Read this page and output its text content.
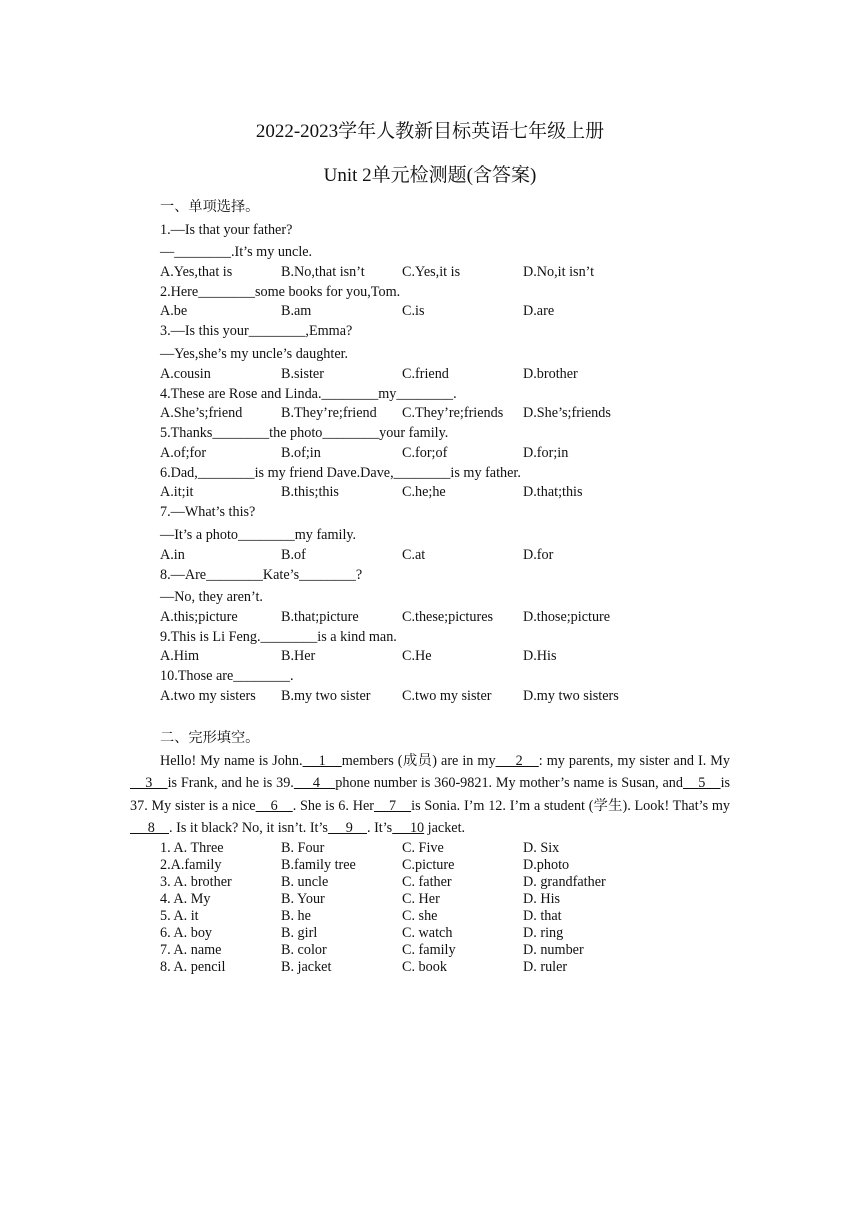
2022-2023学年人教新目标英语七年级上册
Unit 2单元检测题(含答案)
一、单项选择。
1.—Is that your father?
—________.It’s my uncle.
A.Yes,that is	B.No,that isn’t	C.Yes,it is	D.No,it isn’t
2.Here________some books for you,Tom.
A.be	B.am	C.is	D.are
3.—Is this your________,Emma?
—Yes,she’s my uncle’s daughter.
A.cousin	B.sister	C.friend	D.brother
4.These are Rose and Linda.________my________.
A.She’s;friend	B.They’re;friend	C.They’re;friends	D.She’s;friends
5.Thanks________the photo________your family.
A.of;for	B.of;in	C.for;of	D.for;in
6.Dad,________is my friend Dave.Dave,________is my father.
A.it;it	B.this;this	C.he;he	D.that;this
7.—What’s this?
—It’s a photo________my family.
A.in	B.of	C.at	D.for
8.—Are________Kate’s________?
—No, they aren’t.
A.this;picture	B.that;picture	C.these;pictures	D.those;picture
9.This is Li Feng.________is a kind man.
A.Him	B.Her	C.He	D.His
10.Those are________.
A.two my sisters	B.my two sister	C.two my sister	D.my two sisters
二、完形填空。
Hello! My name is John.    1    members (成员) are in my     2    : my parents, my sister and I. My    3    is Frank, and he is 39.     4    phone number is 360-9821. My mother’s name is Susan, and    5    is 37. My sister is a nice    6    . She is 6. Her    7    is Sonia. I’m 12. I’m a student (学生). Look! That’s my     8    . Is it black? No, it isn’t. It’s     9    . It’s     10 jacket.
1. A. Three	B. Four	C. Five	D. Six
2.A.family	B.family tree	C.picture	D.photo
3. A. brother	B. uncle	C. father	D. grandfather
4. A. My	B. Your	C. Her	D. His
5. A. it	B. he	C. she	D. that
6. A. boy	B. girl	C. watch	D. ring
7. A. name	B. color	C. family	D. number
8. A. pencil	B. jacket	C. book	D. ruler
